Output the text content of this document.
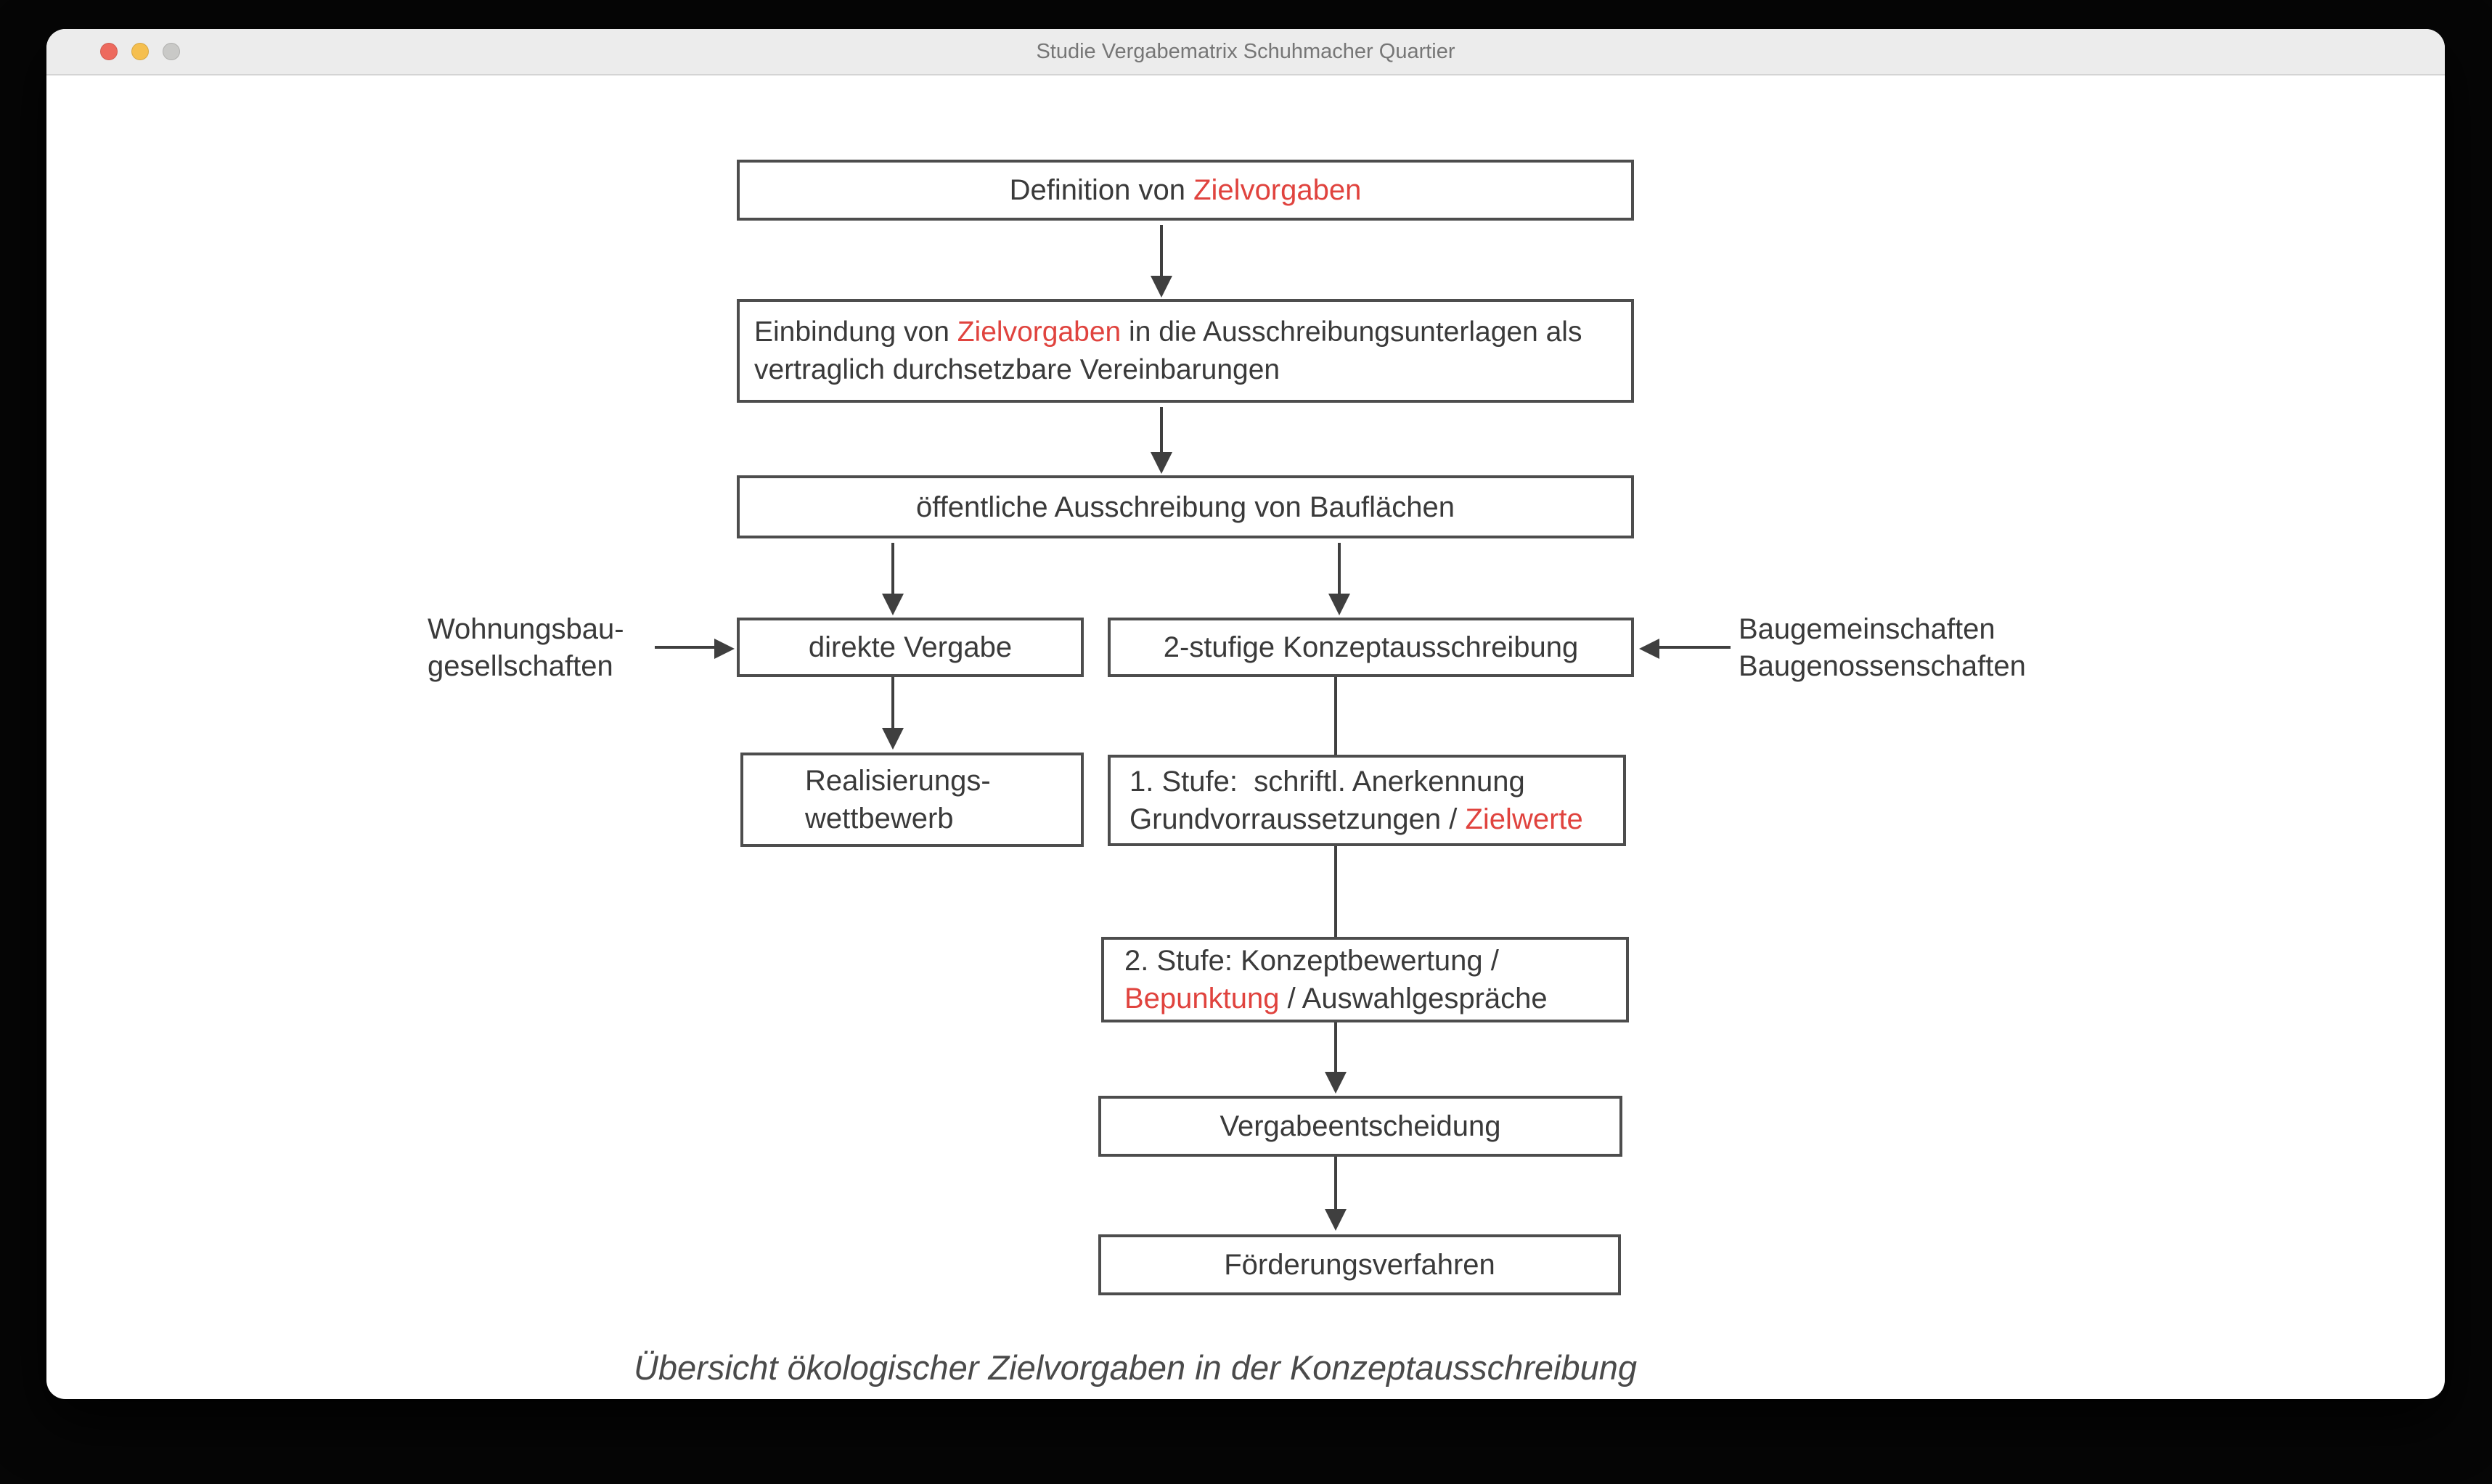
Studie Vergabematrix Schuhmacher Quartier
Definition von Zielvorgaben
Einbindung von Zielvorgaben in die Ausschreibungsunterlagen als vertraglich durchsetzbare Vereinbarungen
öffentliche Ausschreibung von Bauflächen
direkte Vergabe	2-stufige Konzeptausschreibung
Wohnungsbau-
gesellschaften
Baugemeinschaften
Baugenossenschaften
Realisierungs-
wettbewerb
1. Stufe:  schriftl. Anerkennung
Grundvorraussetzungen / Zielwerte
2. Stufe: Konzeptbewertung /
Bepunktung / Auswahlgespräche
Vergabeentscheidung
Förderungsverfahren
Übersicht ökologischer Zielvorgaben in der Konzeptausschreibung
